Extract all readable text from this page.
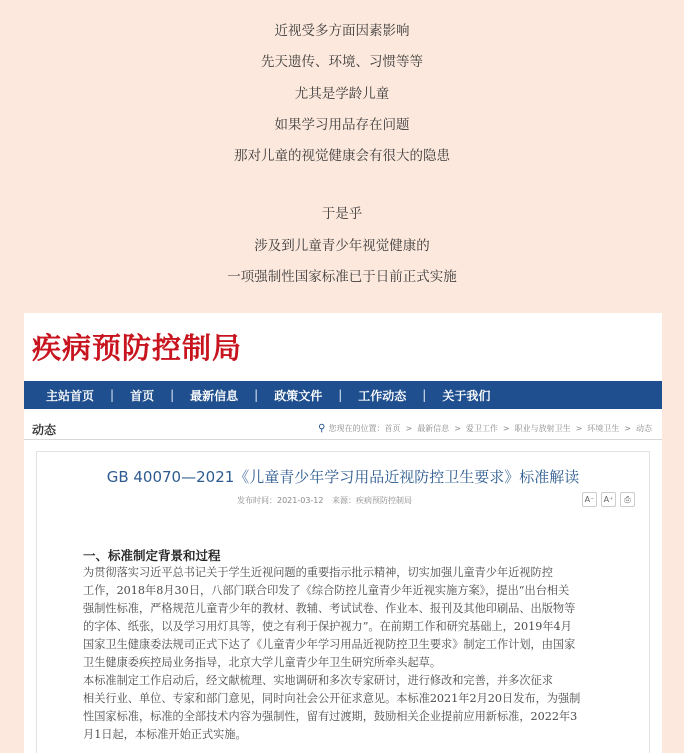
近视受多方面因素影响
先天遗传、环境、习惯等等
尤其是学龄儿童
如果学习用品存在问题
那对儿童的视觉健康会有很大的隐患
于是乎
涉及到儿童青少年视觉健康的
一项强制性国家标准已于日前正式实施
疾病预防控制局
主站首页	|	首页	|	最新信息	|	政策文件	|	工作动态	|	关于我们
动态	⚲ 您现在的位置：首页 > 最新信息 > 爱卫工作 > 职业与放射卫生 > 环境卫生 > 动态
GB 40070—2021《儿童青少年学习用品近视防控卫生要求》标准解读
发布时间：2021-03-12 来源：疾病预防控制局	A⁻	A⁺	⎙
一、标准制定背景和过程

为贯彻落实习近平总书记关于学生近视问题的重要指示批示精神，切实加强儿童青少年近视防控

工作，2018年8月30日，八部门联合印发了《综合防控儿童青少年近视实施方案》，提出“出台相关

强制性标准，严格规范儿童青少年的教材、教辅、考试试卷、作业本、报刊及其他印刷品、出版物等

的字体、纸张，以及学习用灯具等，使之有利于保护视力”。在前期工作和研究基础上，2019年4月

国家卫生健康委法规司正式下达了《儿童青少年学习用品近视防控卫生要求》制定工作计划，由国家

卫生健康委疾控局业务指导，北京大学儿童青少年卫生研究所牵头起草。

本标准制定工作启动后，经文献梳理、实地调研和多次专家研讨，进行修改和完善，并多次征求

相关行业、单位、专家和部门意见，同时向社会公开征求意见。本标准2021年2月20日发布，为强制

性国家标准，标准的全部技术内容为强制性，留有过渡期，鼓励相关企业提前应用新标准，2022年3

月1日起，本标准开始正式实施。
